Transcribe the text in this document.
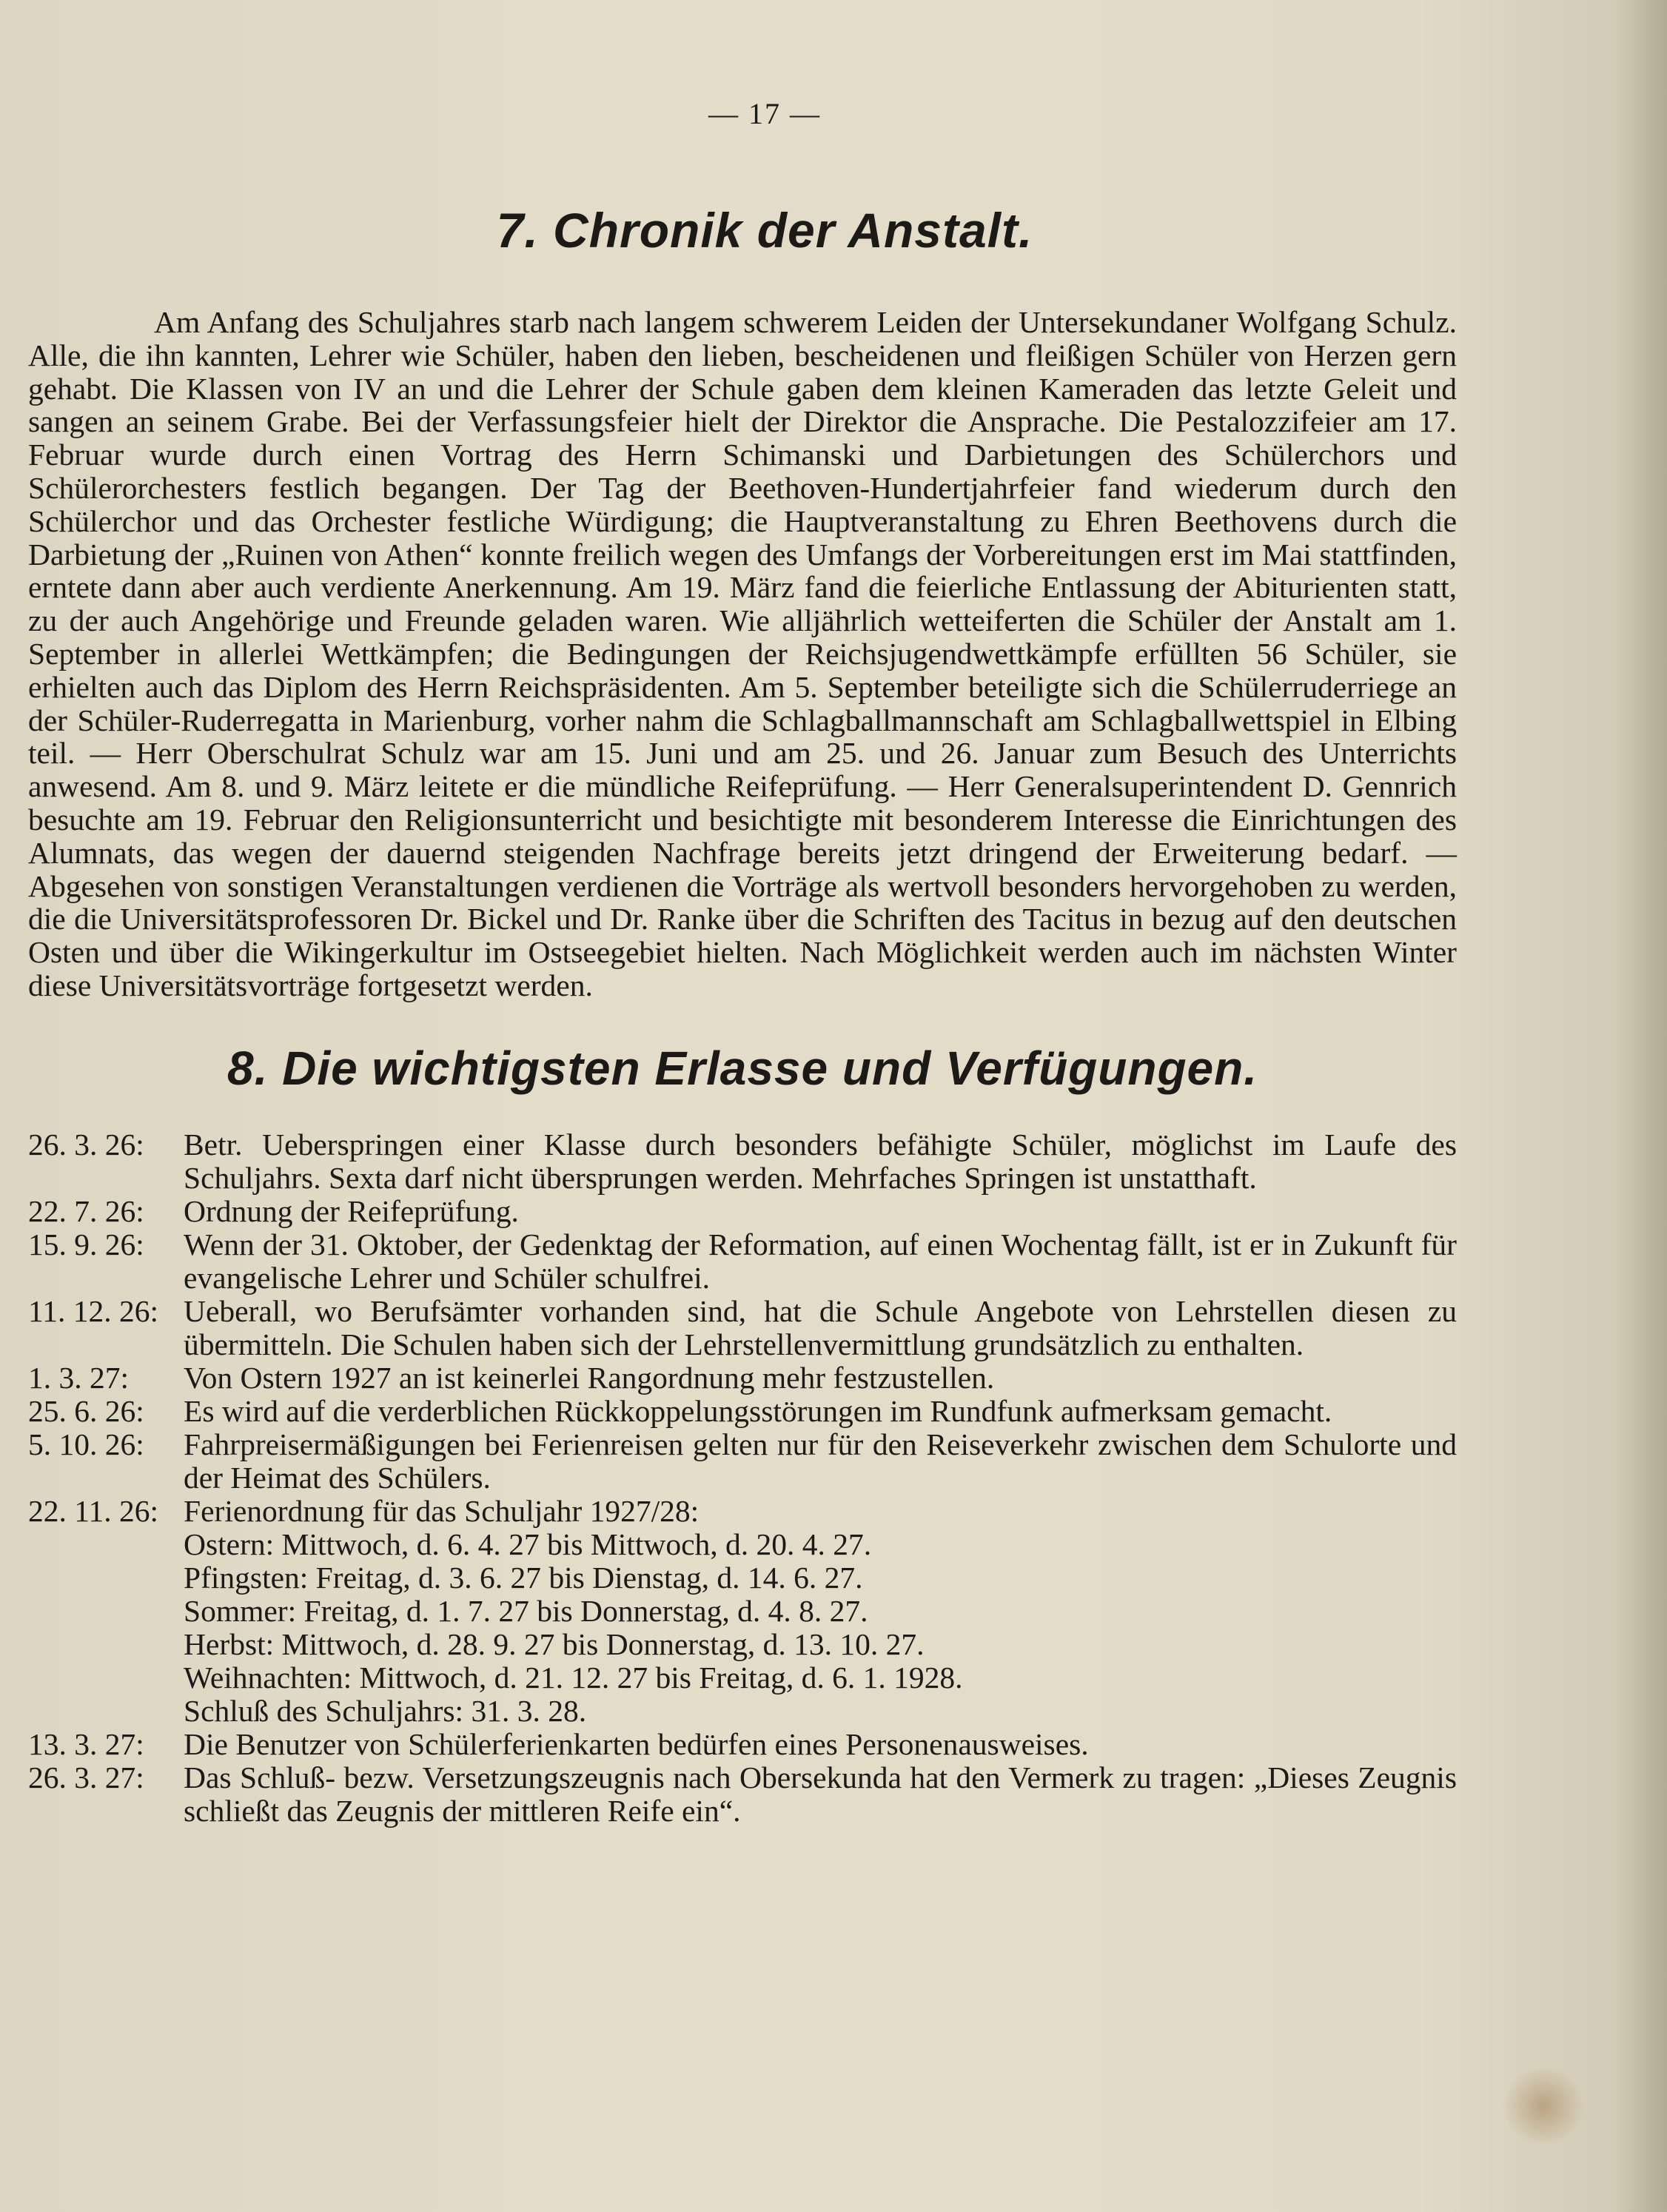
— 17 —
7. Chronik der Anstalt.

Am Anfang des Schuljahres starb nach langem schwerem Leiden der Untersekundaner Wolfgang Schulz. Alle, die ihn kannten, Lehrer wie Schüler, haben den lieben, bescheidenen und fleißigen Schüler von Herzen gern gehabt. Die Klassen von IV an und die Lehrer der Schule gaben dem kleinen Kameraden das letzte Geleit und sangen an seinem Grabe. Bei der Verfassungsfeier hielt der Direktor die Ansprache. Die Pestalozzifeier am 17. Februar wurde durch einen Vortrag des Herrn Schimanski und Darbietungen des Schülerchors und Schülerorchesters festlich begangen. Der Tag der Beethoven-Hundertjahrfeier fand wiederum durch den Schülerchor und das Orchester festliche Würdigung; die Hauptveranstaltung zu Ehren Beethovens durch die Darbietung der „Ruinen von Athen“ konnte freilich wegen des Umfangs der Vorbereitungen erst im Mai stattfinden, erntete dann aber auch verdiente Anerkennung. Am 19. März fand die feierliche Entlassung der Abiturienten statt, zu der auch Angehörige und Freunde geladen waren. Wie alljährlich wetteiferten die Schüler der Anstalt am 1. September in allerlei Wettkämpfen; die Bedingungen der Reichsjugendwettkämpfe erfüllten 56 Schüler, sie erhielten auch das Diplom des Herrn Reichspräsidenten. Am 5. September beteiligte sich die Schülerruderriege an der Schüler-Ruderregatta in Marienburg, vorher nahm die Schlagballmannschaft am Schlagballwettspiel in Elbing teil. — Herr Oberschulrat Schulz war am 15. Juni und am 25. und 26. Januar zum Besuch des Unterrichts anwesend. Am 8. und 9. März leitete er die mündliche Reifeprüfung. — Herr Generalsuperintendent D. Gennrich besuchte am 19. Februar den Religionsunterricht und besichtigte mit besonderem Interesse die Einrichtungen des Alumnats, das wegen der dauernd steigenden Nachfrage bereits jetzt dringend der Erweiterung bedarf. — Abgesehen von sonstigen Veranstaltungen verdienen die Vorträge als wertvoll besonders hervorgehoben zu werden, die die Universitätsprofessoren Dr. Bickel und Dr. Ranke über die Schriften des Tacitus in bezug auf den deutschen Osten und über die Wikingerkultur im Ostseegebiet hielten. Nach Möglichkeit werden auch im nächsten Winter diese Universitätsvorträge fortgesetzt werden.

8. Die wichtigsten Erlasse und Verfügungen.
26. 3. 26:	Betr. Ueberspringen einer Klasse durch besonders befähigte Schüler, möglichst im Laufe des Schuljahrs. Sexta darf nicht übersprungen werden. Mehrfaches Springen ist unstatthaft.
22. 7. 26:	Ordnung der Reifeprüfung.
15. 9. 26:	Wenn der 31. Oktober, der Gedenktag der Reformation, auf einen Wochentag fällt, ist er in Zukunft für evangelische Lehrer und Schüler schulfrei.
11. 12. 26: Ueberall, wo Berufsämter vorhanden sind, hat die Schule Angebote von Lehrstellen diesen zu übermitteln. Die Schulen haben sich der Lehrstellenvermittlung grundsätzlich zu enthalten.
1. 3. 27:	Von Ostern 1927 an ist keinerlei Rangordnung mehr festzustellen.
25. 6. 26:	Es wird auf die verderblichen Rückkoppelungsstörungen im Rundfunk aufmerksam gemacht.
5. 10. 26:	Fahrpreisermäßigungen bei Ferienreisen gelten nur für den Reiseverkehr zwischen dem Schulorte und der Heimat des Schülers.
22. 11. 26: Ferienordnung für das Schuljahr 1927/28:
Ostern: Mittwoch, d. 6. 4. 27 bis Mittwoch, d. 20. 4. 27.
Pfingsten: Freitag, d. 3. 6. 27 bis Dienstag, d. 14. 6. 27.
Sommer: Freitag, d. 1. 7. 27 bis Donnerstag, d. 4. 8. 27.
Herbst: Mittwoch, d. 28. 9. 27 bis Donnerstag, d. 13. 10. 27.
Weihnachten: Mittwoch, d. 21. 12. 27 bis Freitag, d. 6. 1. 1928.
Schluß des Schuljahrs: 31. 3. 28.
13. 3. 27:	Die Benutzer von Schülerferienkarten bedürfen eines Personenausweises.
26. 3. 27:	Das Schluß- bezw. Versetzungszeugnis nach Obersekunda hat den Vermerk zu tragen: „Dieses Zeugnis schließt das Zeugnis der mittleren Reife ein“.
